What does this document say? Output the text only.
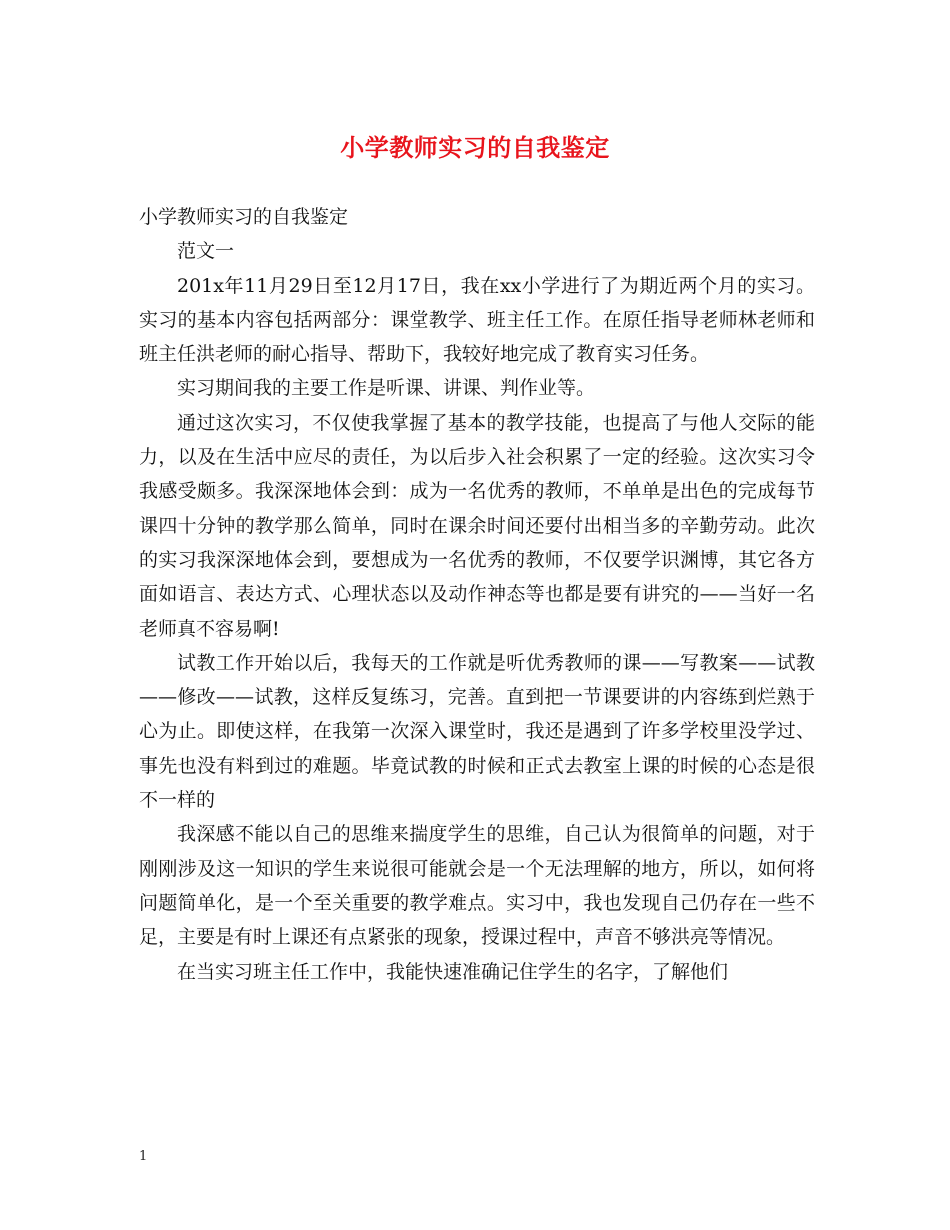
小学教师实习的自我鉴定

小学教师实习的自我鉴定

范文一

201x年11月29日至12月17日，我在xx小学进行了为期近两个月的实习。实习的基本内容包括两部分：课堂教学、班主任工作。在原任指导老师林老师和班主任洪老师的耐心指导、帮助下，我较好地完成了教育实习任务。

实习期间我的主要工作是听课、讲课、判作业等。

通过这次实习，不仅使我掌握了基本的教学技能，也提高了与他人交际的能力，以及在生活中应尽的责任，为以后步入社会积累了一定的经验。这次实习令我感受颇多。我深深地体会到：成为一名优秀的教师，不单单是出色的完成每节课四十分钟的教学那么简单，同时在课余时间还要付出相当多的辛勤劳动。此次的实习我深深地体会到，要想成为一名优秀的教师，不仅要学识渊博，其它各方面如语言、表达方式、心理状态以及动作神态等也都是要有讲究的——当好一名老师真不容易啊!

试教工作开始以后，我每天的工作就是听优秀教师的课——写教案——试教——修改——试教，这样反复练习，完善。直到把一节课要讲的内容练到烂熟于心为止。即使这样，在我第一次深入课堂时，我还是遇到了许多学校里没学过、事先也没有料到过的难题。毕竟试教的时候和正式去教室上课的时候的心态是很不一样的

我深感不能以自己的思维来揣度学生的思维，自己认为很简单的问题，对于刚刚涉及这一知识的学生来说很可能就会是一个无法理解的地方，所以，如何将问题简单化，是一个至关重要的教学难点。实习中，我也发现自己仍存在一些不足，主要是有时上课还有点紧张的现象，授课过程中，声音不够洪亮等情况。

在当实习班主任工作中，我能快速准确记住学生的名字，了解他们

1
